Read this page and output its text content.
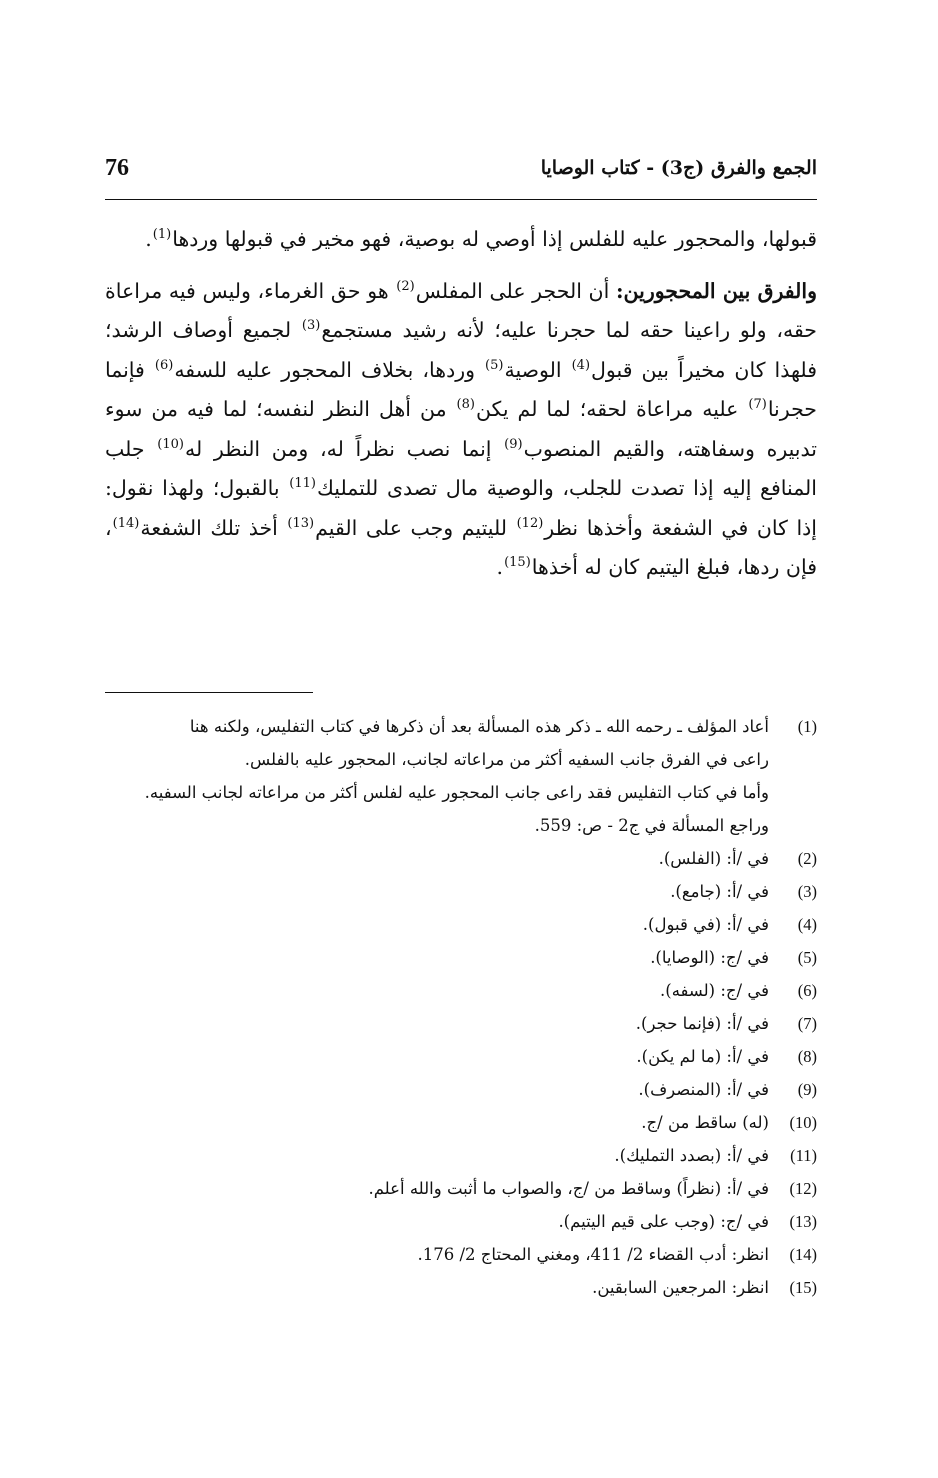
76	الجمع والفرق (ج3) - كتاب الوصايا

قبولها، والمحجور عليه للفلس إذا أوصي له بوصية، فهو مخير في قبولها وردها$^{(1)}$.

والفرق بين المحجورين: أن الحجر على المفلس$^{(2)}$ هو حق الغرماء، وليس فيه مراعاة حقه، ولو راعينا حقه لما حجرنا عليه؛ لأنه رشيد مستجمع$^{(3)}$ لجميع أوصاف الرشد؛ فلهذا كان مخيراً بين قبول$^{(4)}$ الوصية$^{(5)}$ وردها، بخلاف المحجور عليه للسفه$^{(6)}$ فإنما حجرنا$^{(7)}$ عليه مراعاة لحقه؛ لما لم يكن$^{(8)}$ من أهل النظر لنفسه؛ لما فيه من سوء تدبيره وسفاهته، والقيم المنصوب$^{(9)}$ إنما نصب نظراً له، ومن النظر له$^{(10)}$ جلب المنافع إليه إذا تصدت للجلب، والوصية مال تصدى للتمليك$^{(11)}$ بالقبول؛ ولهذا نقول: إذا كان في الشفعة وأخذها نظر$^{(12)}$ لليتيم وجب على القيم$^{(13)}$ أخذ تلك الشفعة$^{(14)}$، فإن ردها، فبلغ اليتيم كان له أخذها$^{(15)}$.

(1)
أعاد المؤلف ـ رحمه الله ـ ذكر هذه المسألة بعد أن ذكرها في كتاب التفليس، ولكنه هنا
راعى في الفرق جانب السفيه أكثر من مراعاته لجانب، المحجور عليه بالفلس.
وأما في كتاب التفليس فقد راعى جانب المحجور عليه لفلس أكثر من مراعاته لجانب السفيه.
وراجع المسألة في ج2 - ص: 559.
(2)
في /أ: (الفلس).
(3)
في /أ: (جامع).
(4)
في /أ: (في قبول).
(5)
في /ج: (الوصايا).
(6)
في /ج: (لسفه).
(7)
في /أ: (فإنما حجر).
(8)
في /أ: (ما لم يكن).
(9)
في /أ: (المنصرف).
(10)
(له) ساقط من /ج.
(11)
في /أ: (بصدد التمليك).
(12)
في /أ: (نظراً) وساقط من /ج، والصواب ما أثبت والله أعلم.
(13)
في /ج: (وجب على قيم اليتيم).
(14)
انظر: أدب القضاء 2/ 411، ومغني المحتاج 2/ 176.
(15)
انظر: المرجعين السابقين.
